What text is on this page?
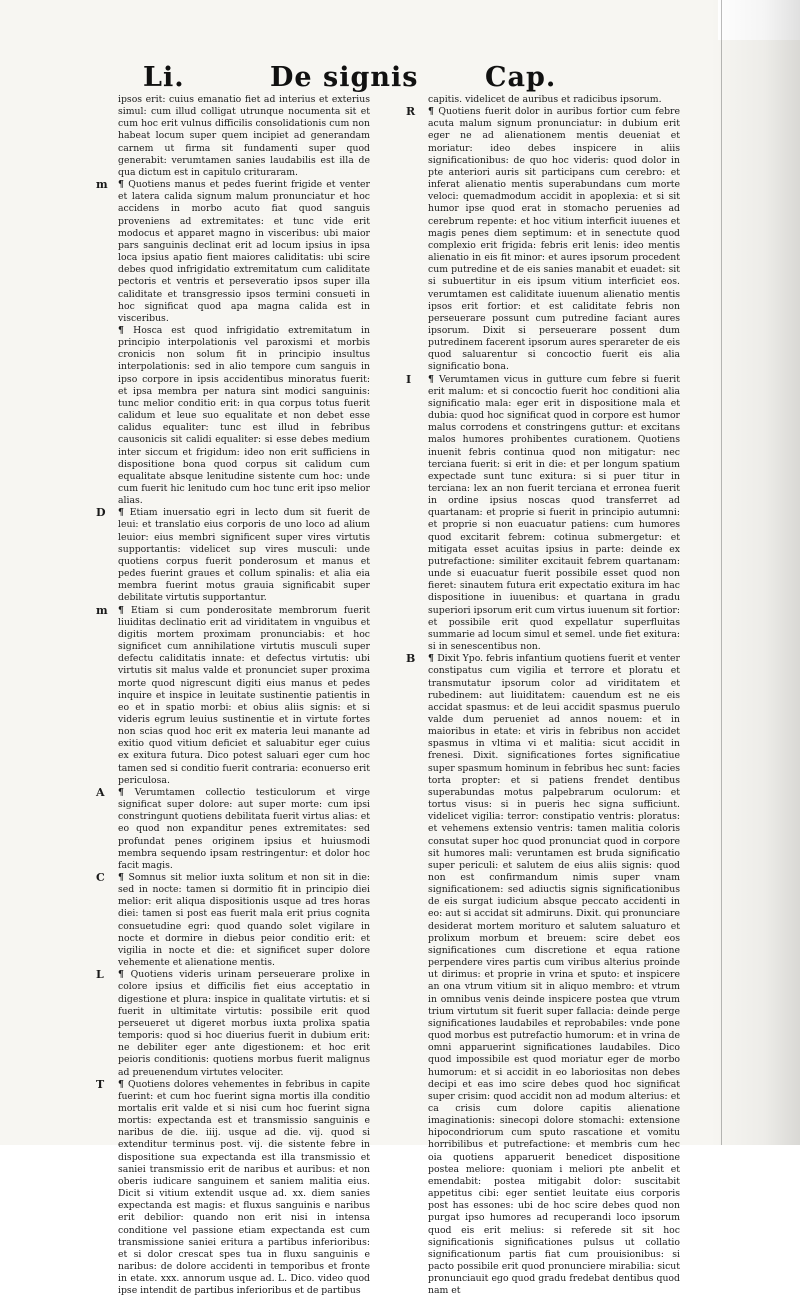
Li.	De signis Cap.

ipsos erit: cuius emanatio fiet ad interius et exterius simul: cum illud colligat utrunque nocumenta sit et cum hoc erit vulnus difficilis consolidationis cum non habeat locum super quem incipiet ad generandam carnem ut firma sit fundamenti super quod generabit: verumtamen sanies laudabilis est illa de qua dictum est in capitulo crituraram.

m ¶ Quotiens manus et pedes fuerint frigide et venter et latera calida signum malum pronunciatur et hoc accidens in morbo acuto fiat quod sanguis proveniens ad extremitates: et tunc vide erit modocus et apparet magno in visceribus: ubi maior pars sanguinis declinat erit ad locum ipsius in ipsa loca ipsius apatio fient maiores caliditatis: ubi scire debes quod infrigidatio extremitatum cum caliditate pectoris et ventris et perseveratio ipsos super illa caliditate et transgressio ipsos termini consueti in hoc significat quod apa magna calida est in visceribus.

¶ Hosca est quod infrigidatio extremitatum in principio interpolationis vel paroxismi et morbis cronicis non solum fit in principio insultus interpolationis: sed in alio tempore cum sanguis in ipso corpore in ipsis accidentibus minoratus fuerit: et ipsa membra per natura sint modici sanguinis: tunc melior conditio erit: in qua corpus totus fuerit calidum et leue suo equalitate et non debet esse calidus equaliter: tunc est illud in febribus causonicis sit calidi equaliter: si esse debes medium inter siccum et frigidum: ideo non erit sufficiens in dispositione bona quod corpus sit calidum cum equalitate absque lenitudine sistente cum hoc: unde cum fuerit hic lenitudo cum hoc tunc erit ipso melior alias.

D ¶ Etiam inuersatio egri in lecto dum sit fuerit de leui: et translatio eius corporis de uno loco ad alium leuior: eius membri significent super vires virtutis supportantis: videlicet sup vires musculi: unde quotiens corpus fuerit ponderosum et manus et pedes fuerint graues et collum spinalis: et alia eia membra fuerint motus grauia significabit super debilitate virtutis supportantur.

m ¶ Etiam si cum ponderositate membrorum fuerit liuiditas declinatio erit ad viriditatem in vnguibus et digitis mortem proximam pronunciabis: et hoc significet cum annihilatione virtutis musculi super defectu caliditatis innate: et defectus virtutis: ubi virtutis sit malus valde et pronunciet super proxima morte quod nigrescunt digiti eius manus et pedes inquire et inspice in leuitate sustinentie patientis in eo et in spatio morbi: et obius aliis signis: et si videris egrum leuius sustinentie et in virtute fortes non scias quod hoc erit ex materia leui manante ad exitio quod vitium deficiet et saluabitur eger cuius ex exitura futura. Dico potest saluari eger cum hoc tamen sed si conditio fuerit contraria: econuerso erit periculosa.

A ¶ Verumtamen collectio testiculorum et virge significat super dolore: aut super morte: cum ipsi constringunt quotiens debilitata fuerit virtus alias: et eo quod non expanditur penes extremitates: sed profundat penes originem ipsius et huiusmodi membra sequendo ipsam restringentur: et dolor hoc facit magis.

C ¶ Somnus sit melior iuxta solitum et non sit in die: sed in nocte: tamen si dormitio fit in principio diei melior: erit aliqua dispositionis usque ad tres horas diei: tamen si post eas fuerit mala erit prius cognita consuetudine egri: quod quando solet vigilare in nocte et dormire in diebus peior conditio erit: et vigilia in nocte et die: et significet super dolore vehemente et alienatione mentis.

L ¶ Quotiens videris urinam perseuerare prolixe in colore ipsius et difficilis fiet eius acceptatio in digestione et plura: inspice in qualitate virtutis: et si fuerit in ultimitate virtutis: possibile erit quod perseueret ut digeret morbus iuxta prolixa spatia temporis: quod si hoc diuerius fuerit in dubium erit: ne debiliter eger ante digestionem: et hoc erit peioris conditionis: quotiens morbus fuerit malignus ad preuenendum virtutes velociter.

T ¶ Quotiens dolores vehementes in febribus in capite fuerint: et cum hoc fuerint signa mortis illa conditio mortalis erit valde et si nisi cum hoc fuerint signa mortis: expectanda est et transmissio sanguinis e naribus de die. iiij. usque ad die. vij. quod si extenditur terminus post. vij. die sistente febre in dispositione sua expectanda est illa transmissio et saniei transmissio erit de naribus et auribus: et non oberis iudicare sanguinem et saniem malitia eius. Dicit si vitium extendit usque ad. xx. diem sanies expectanda est magis: et fluxus sanguinis e naribus erit debilior: quando non erit nisi in intensa conditione vel passione etiam expectanda est cum transmissione saniei eritura a partibus inferioribus: et si dolor crescat spes tua in fluxu sanguinis e naribus: de dolore accidenti in temporibus et fronte in etate. xxx. annorum usque ad. L. Dico. video quod ipse intendit de partibus inferioribus et de partibus

capitis. videlicet de auribus et radicibus ipsorum.

R ¶ Quotiens fuerit dolor in auribus fortior cum febre acuta malum signum pronunciatur: in dubium erit eger ne ad alienationem mentis deueniat et moriatur: ideo debes inspicere in aliis significationibus: de quo hoc videris: quod dolor in pte anteriori auris sit participans cum cerebro: et inferat alienatio mentis superabundans cum morte veloci: quemadmodum accidit in apoplexia: et si sit humor ipse quod erat in stomacho peruenies ad cerebrum repente: et hoc vitium interficit iuuenes et magis penes diem septimum: et in senectute quod complexio erit frigida: febris erit lenis: ideo mentis alienatio in eis fit minor: et aures ipsorum procedent cum putredine et de eis sanies manabit et euadet: sit si subuertitur in eis ipsum vitium interficiet eos. verumtamen est caliditate iuuenum alienatio mentis ipsos erit fortior: et est caliditate febris non perseuerare possunt cum putredine faciant aures ipsorum. Dixit si perseuerare possent dum putredinem facerent ipsorum aures sperareter de eis quod saluarentur si concoctio fuerit eis alia significatio bona.

I ¶ Verumtamen vicus in gutture cum febre si fuerit erit malum: et si concoctio fuerit hoc conditioni alia significatio mala: eger erit in dispositione mala et dubia: quod hoc significat quod in corpore est humor malus corrodens et constringens guttur: et excitans malos humores prohibentes curationem. Quotiens inuenit febris continua quod non mitigatur: nec terciana fuerit: si erit in die: et per longum spatium expectade sunt tunc exitura: si si puer titur in terciana: lex an non fuerit terciana et erronea fuerit in ordine ipsius noscas quod transferret ad quartanam: et proprie si fuerit in principio autumni: et proprie si non euacuatur patiens: cum humores quod excitarit febrem: cotinua submergetur: et mitigata esset acuitas ipsius in parte: deinde ex putrefactione: similiter excitauit febrem quartanam: unde si euacuatur fuerit possibile esset quod non fieret: sinautem futura erit expectatio exitura im hac dispositione in iuuenibus: et quartana in gradu superiori ipsorum erit cum virtus iuuenum sit fortior: et possibile erit quod expellatur superfluitas summarie ad locum simul et semel. unde fiet exitura: si in senescentibus non.

B ¶ Dixit Ypo. febris infantium quotiens fuerit et venter constipatus cum vigilia et terrore et ploratu et transmutatur ipsorum color ad viriditatem et rubedinem: aut liuiditatem: cauendum est ne eis accidat spasmus: et de leui accidit spasmus puerulo valde dum perueniet ad annos nouem: et in maioribus in etate: et viris in febribus non accidet spasmus in vltima vi et malitia: sicut accidit in frenesi. Dixit. significationes fortes significatiue super spasmum hominum in febribus hec sunt: facies torta propter: et si patiens frendet dentibus superabundas motus palpebrarum oculorum: et tortus visus: si in pueris hec signa sufficiunt. videlicet vigilia: terror: constipatio ventris: ploratus: et vehemens extensio ventris: tamen malitia coloris consutat super hoc quod pronunciat quod in corpore sit humores mali: veruntamen est bruda significatio super periculi: et salutem de eius aliis signis: quod non est confirmandum nimis super vnam significationem: sed adiuctis signis significationibus de eis surgat iudicium absque peccato accidenti in eo: aut si accidat sit admiruns. Dixit. qui pronunciare desiderat mortem morituro et salutem saluaturo et prolixum morbum et breuem: scire debet eos significationes cum discretione et equa ratione perpendere vires partis cum viribus alterius proinde ut dirimus: et proprie in vrina et sputo: et inspicere an ona vtrum vitium sit in aliquo membro: et vtrum in omnibus venis deinde inspicere postea que vtrum trium virtutum sit fuerit super fallacia: deinde perge significationes laudabiles et reprobabiles: vnde pone quod morbus est putrefactio humorum: et in vrina de omni apparuerint significationes laudabiles. Dico quod impossibile est quod moriatur eger de morbo humorum: et si accidit in eo laboriositas non debes decipi et eas imo scire debes quod hoc significat super crisim: quod accidit non ad modum alterius: et ca crisis cum dolore capitis alienatione imaginationis: sinecopi dolore stomachi: extensione hipocondriorum cum sputo rascatione et vomitu horribilibus et putrefactione: et membris cum hec oia quotiens apparuerit benedicet dispositione postea meliore: quoniam i meliori pte anbelit et emendabit: postea mitigabit dolor: suscitabit appetitus cibi: eger sentiet leuitate eius corporis post has essones: ubi de hoc scire debes quod non purgat ipso humores ad recuperandi loco ipsorum quod eis erit melius: si referede sit sit hoc significationis significationes pulsus ut collatio significationum partis fiat cum prouisionibus: si pacto possibile erit quod pronunciere mirabilia: sicut pronunciauit ego quod gradu fredebat dentibus quod nam et
